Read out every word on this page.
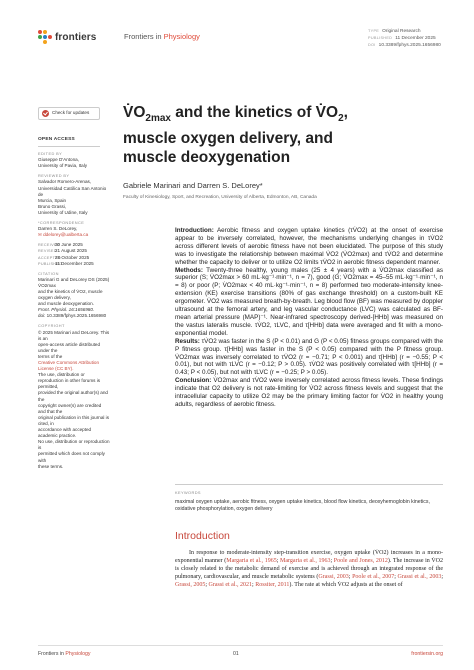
frontiers	Frontiers in Physiology
TYPE Original Research
PUBLISHED 11 December 2025
DOI 10.3389/fphys.2025.1656980
Check for updates
OPEN ACCESS
EDITED BY
Giuseppe D'Antona,
University of Pavia, Italy
REVIEWED BY
Salvador Romero-Arenas,
Universidad Católica San Antonio de
Murcia, Spain
Bruno Grassi,
University of Udine, Italy
*CORRESPONDENCE
Darren S. DeLorey,
✉ ddelorey@ualberta.ca
RECEIVED
30 June 2025
REVISED
21 August 2025
ACCEPTED
28 October 2025
PUBLISHED
11 December 2025
CITATION
Marinari G and DeLorey DS (2025) V̇O2max
and the kinetics of V̇O2, muscle oxygen delivery,
and muscle deoxygenation.
Front. Physiol. 16:1656980.
doi: 10.3389/fphys.2025.1656980
COPYRIGHT
© 2025 Marinari and DeLorey. This is an
open-access article distributed under the
terms of the
Creative Commons Attribution
License (CC BY).
The use, distribution or
reproduction in other forums is permitted,
provided the original author(s) and the
copyright owner(s) are credited and that the
original publication in this journal is cited, in
accordance with accepted academic practice.
No use, distribution or reproduction is
permitted which does not comply with
these terms.
$V̇O_{2max}$ and the kinetics of $V̇O_2$,
muscle oxygen delivery, and
muscle deoxygenation
Gabriele Marinari and Darren S. DeLorey*
Faculty of Kinesiology, Sport, and Recreation, University of Alberta, Edmonton, AB, Canada

Introduction: Aerobic fitness and oxygen uptake kinetics (τV̇O2) at the onset of exercise appear to be inversely correlated, however, the mechanisms underlying changes in τV̇O2 across different levels of aerobic fitness have not been elucidated. The purpose of this study was to investigate the relationship between maximal V̇O2 (V̇O2max) and τV̇O2 and determine whether the capacity to deliver or to utilize O2 limits τV̇O2 in aerobic fitness dependent manner.

Methods: Twenty-three healthy, young males (25 ± 4 years) with a V̇O2max classified as superior (S; V̇O2max > 60 mL·kg⁻¹·min⁻¹, n = 7), good (G; V̇O2max = 45–55 mL·kg⁻¹·min⁻¹, n = 8) or poor (P; V̇O2max < 40 mL·kg⁻¹·min⁻¹, n = 8) performed two moderate-intensity knee-extension (KE) exercise transitions (80% of gas exchange threshold) on a custom-built KE ergometer. V̇O2 was measured breath-by-breath. Leg blood flow (BF) was measured by doppler ultrasound at the femoral artery, and leg vascular conductance (LVC) was calculated as BF-mean arterial pressure (MAP)⁻¹. Near-infrared spectroscopy derived-[HHb] was measured on the vastus lateralis muscle. τV̇O2, τLVC, and τ[HHb] data were averaged and fit with a mono-exponential model.

Results: τV̇O2 was faster in the S (P < 0.01) and G (P < 0.05) fitness groups compared with the P fitness group. τ[HHb] was faster in the S (P < 0.05) compared with the P fitness group. V̇O2max was inversely correlated to τV̇O2 (r = −0.71; P < 0.001) and τ[HHb] (r = −0.55; P < 0.01), but not with τLVC (r = −0.12; P > 0.05). τV̇O2 was positively correlated with τ[HHb] (r = 0.43; P < 0.05), but not with τLVC (r = −0.25; P > 0.05).

Conclusion: V̇O2max and τV̇O2 were inversely correlated across fitness levels. These findings indicate that O2 delivery is not rate-limiting for V̇O2 across fitness levels and suggest that the intracellular capacity to utilize O2 may be the primary limiting factor for V̇O2 in healthy young adults, regardless of aerobic fitness.

KEYWORDS
maximal oxygen uptake, aerobic fitness, oxygen uptake kinetics, blood flow kinetics, deoxyhemoglobin kinetics, oxidative phosphorylation, oxygen delivery
Introduction
In response to moderate-intensity step-transition exercise, oxygen uptake (V̇O2) increases in a mono-exponential manner (Margaria et al., 1965; Margaria et al., 1963; Poole and Jones, 2012). The increase in V̇O2 is closely related to the metabolic demand of exercise and is achieved through an integrated response of the pulmonary, cardiovascular, and muscle metabolic systems (Grassi, 2003; Poole et al., 2007; Grassi et al., 2003; Grassi, 2005; Grassi et al., 2021; Rossiter, 2011). The rate at which V̇O2 adjusts at the onset of
Frontiers in Physiology	01	frontiersin.org
